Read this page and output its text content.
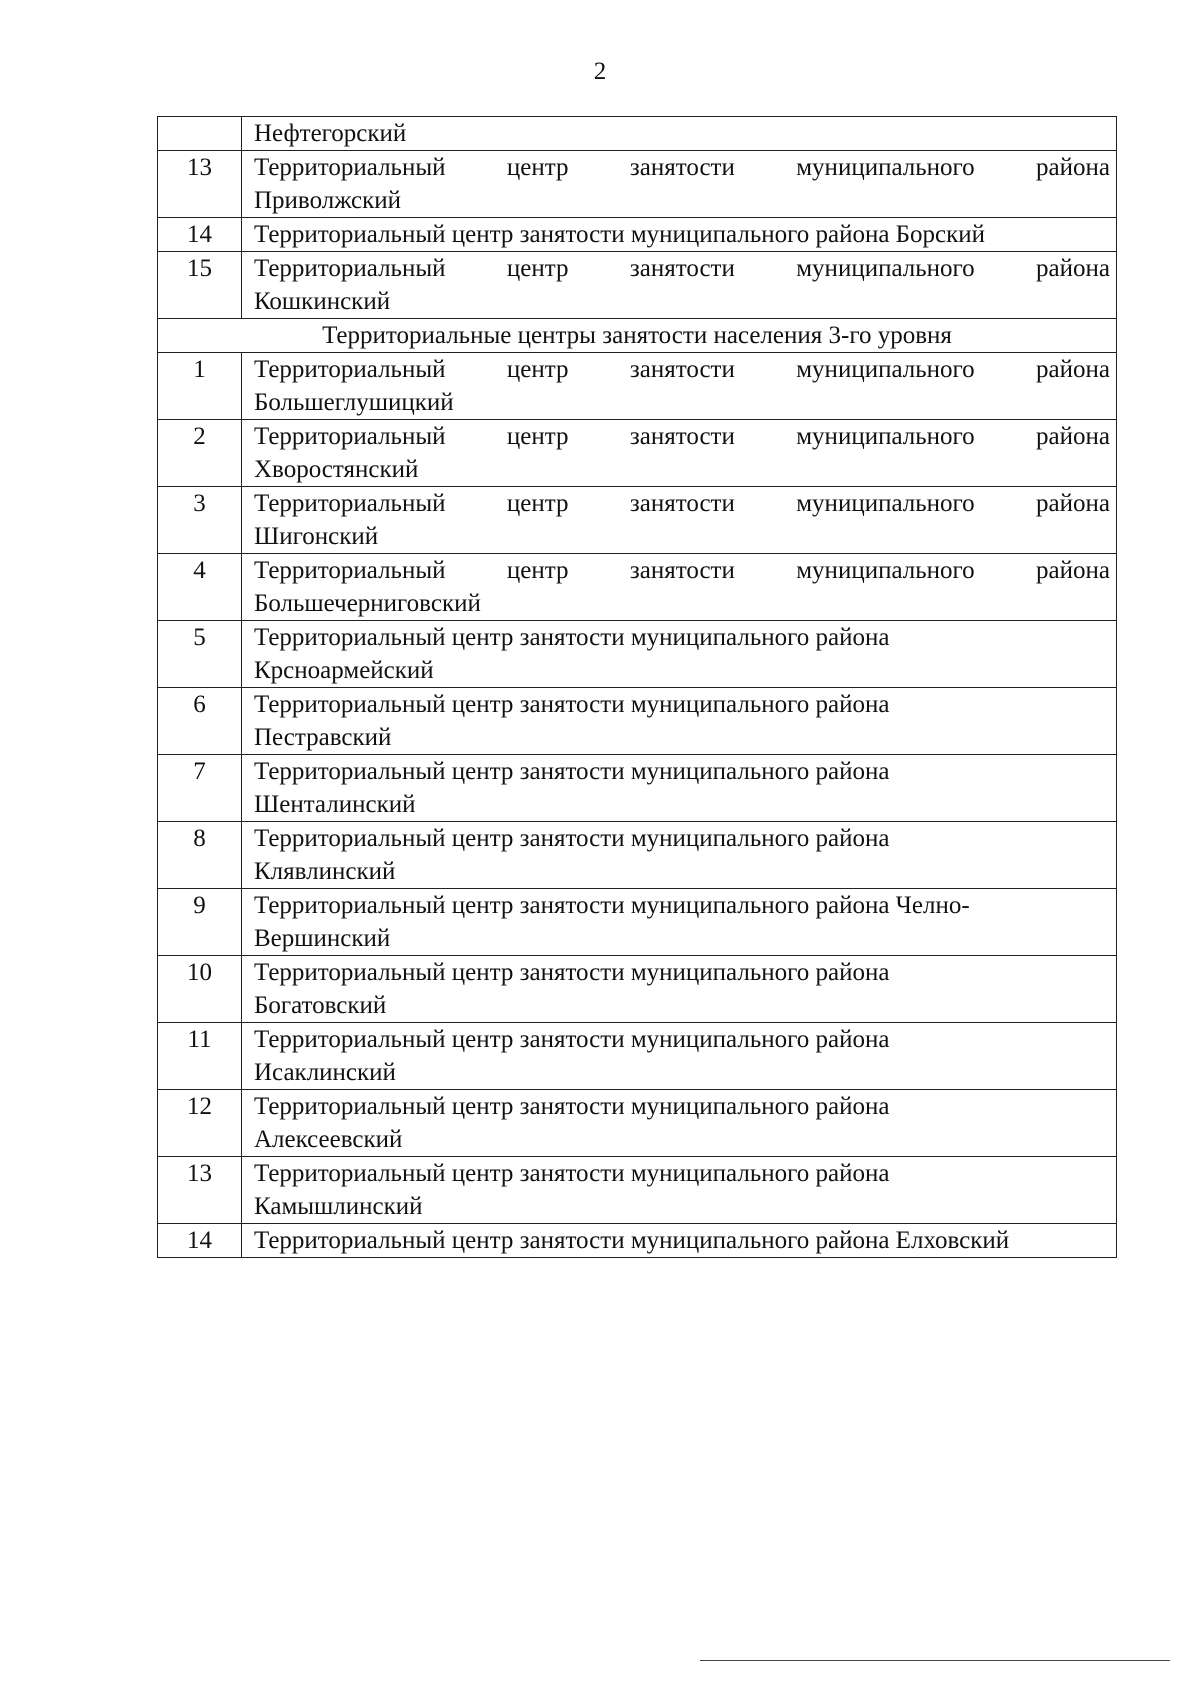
2

	Нефтегорский

13	Территориальный центр занятости муниципального района
Приволжский

14	Территориальный центр занятости муниципального района Борский

15	Территориальный центр занятости муниципального района
Кошкинский

Территориальные центры занятости населения 3-го уровня	
1	Территориальный центр занятости муниципального района
Большеглушицкий

2	Территориальный центр занятости муниципального района
Хворостянский

3	Территориальный центр занятости муниципального района
Шигонский

4	Территориальный центр занятости муниципального района
Большечерниговский

5	Территориальный центр занятости муниципального района
Крсноармейский

6	Территориальный центр занятости муниципального района
Пестравский

7	Территориальный центр занятости муниципального района
Шенталинский

8	Территориальный центр занятости муниципального района
Клявлинский

9	Территориальный центр занятости муниципального района Челно-
Вершинский

10	Территориальный центр занятости муниципального района
Богатовский

11	Территориальный центр занятости муниципального района
Исаклинский

12	Территориальный центр занятости муниципального района
Алексеевский

13	Территориальный центр занятости муниципального района
Камышлинский

14	Территориальный центр занятости муниципального района Елховский
